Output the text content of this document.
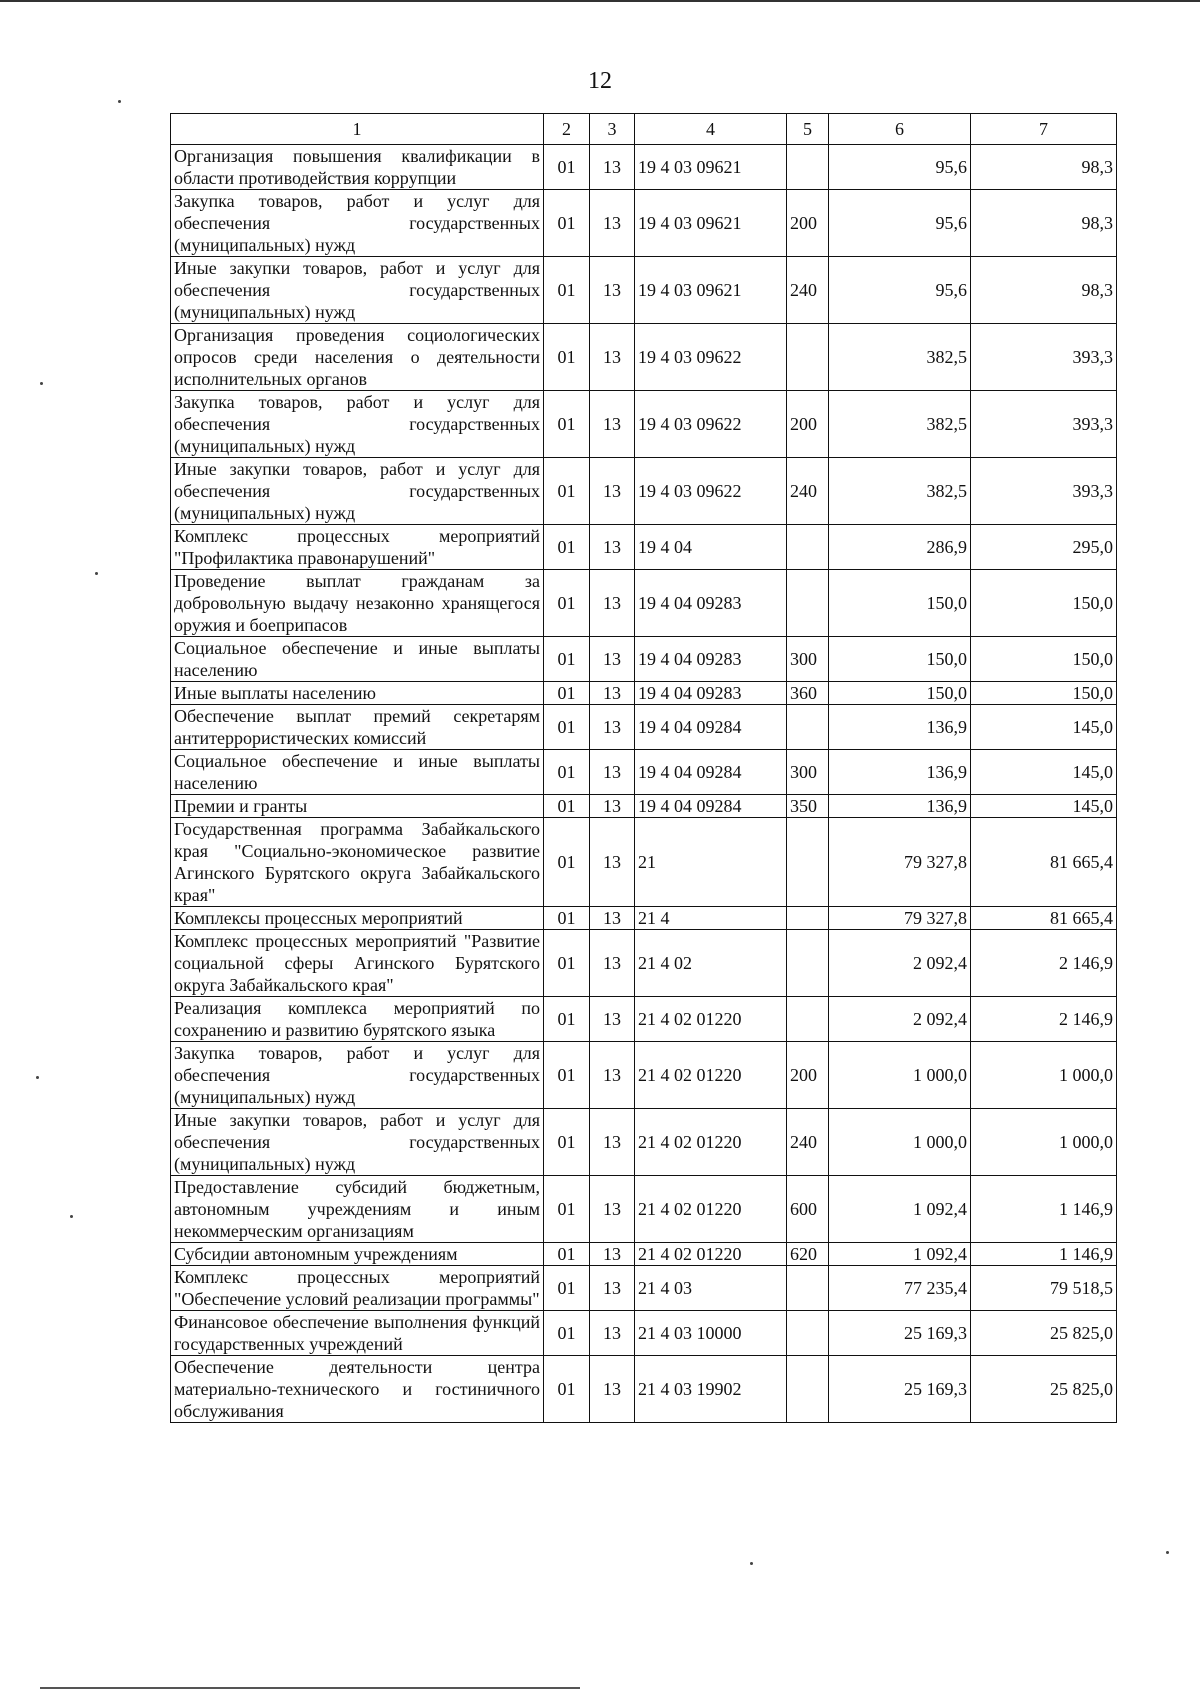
12
1	2	3	4	5	6	7
Организация повышения квалификации в области противодействия коррупции	01	13	19 4 03 09621		95,6	98,3
Закупка товаров, работ и услуг для обеспечения государственных (муниципальных) нужд	01	13	19 4 03 09621	200	95,6	98,3
Иные закупки товаров, работ и услуг для обеспечения государственных (муниципальных) нужд	01	13	19 4 03 09621	240	95,6	98,3
Организация проведения социологических опросов среди населения о деятельности исполнительных органов	01	13	19 4 03 09622		382,5	393,3
Закупка товаров, работ и услуг для обеспечения государственных (муниципальных) нужд	01	13	19 4 03 09622	200	382,5	393,3
Иные закупки товаров, работ и услуг для обеспечения государственных (муниципальных) нужд	01	13	19 4 03 09622	240	382,5	393,3
Комплекс процессных мероприятий "Профилактика правонарушений"	01	13	19 4 04		286,9	295,0
Проведение выплат гражданам за добровольную выдачу незаконно хранящегося оружия и боеприпасов	01	13	19 4 04 09283		150,0	150,0
Социальное обеспечение и иные выплаты населению	01	13	19 4 04 09283	300	150,0	150,0
Иные выплаты населению	01	13	19 4 04 09283	360	150,0	150,0
Обеспечение выплат премий секретарям антитеррористических комиссий	01	13	19 4 04 09284		136,9	145,0
Социальное обеспечение и иные выплаты населению	01	13	19 4 04 09284	300	136,9	145,0
Премии и гранты	01	13	19 4 04 09284	350	136,9	145,0
Государственная программа Забайкальского края "Социально-экономическое развитие Агинского Бурятского округа Забайкальского края"	01	13	21		79 327,8	81 665,4
Комплексы процессных мероприятий	01	13	21 4		79 327,8	81 665,4
Комплекс процессных мероприятий "Развитие социальной сферы Агинского Бурятского округа Забайкальского края"	01	13	21 4 02		2 092,4	2 146,9
Реализация комплекса мероприятий по сохранению и развитию бурятского языка	01	13	21 4 02 01220		2 092,4	2 146,9
Закупка товаров, работ и услуг для обеспечения государственных (муниципальных) нужд	01	13	21 4 02 01220	200	1 000,0	1 000,0
Иные закупки товаров, работ и услуг для обеспечения государственных (муниципальных) нужд	01	13	21 4 02 01220	240	1 000,0	1 000,0
Предоставление субсидий бюджетным, автономным учреждениям и иным некоммерческим организациям	01	13	21 4 02 01220	600	1 092,4	1 146,9
Субсидии автономным учреждениям	01	13	21 4 02 01220	620	1 092,4	1 146,9
Комплекс процессных мероприятий "Обеспечение условий реализации программы"	01	13	21 4 03		77 235,4	79 518,5
Финансовое обеспечение выполнения функций государственных учреждений	01	13	21 4 03 10000		25 169,3	25 825,0
Обеспечение деятельности центра материально-технического и гостиничного обслуживания	01	13	21 4 03 19902		25 169,3	25 825,0
